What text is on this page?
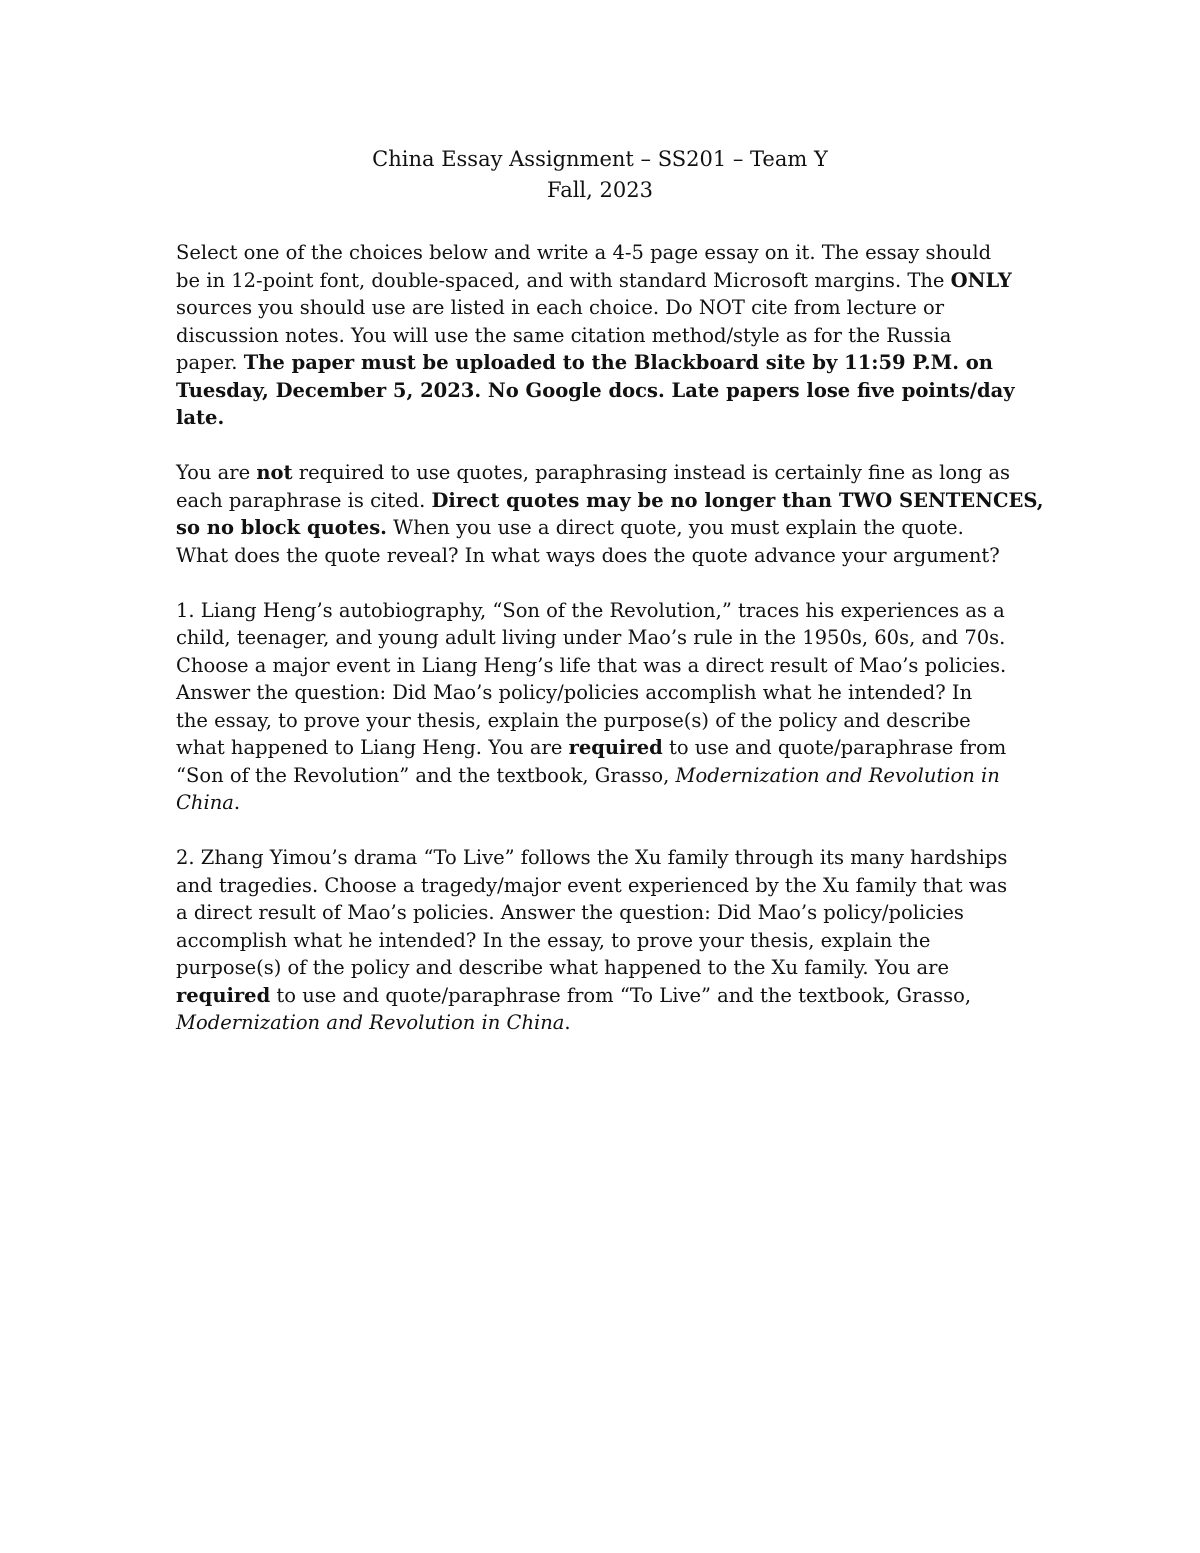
China Essay Assignment – SS201 – Team Y
Fall, 2023
Select one of the choices below and write a 4-5 page essay on it. The essay should
be in 12-point font, double-spaced, and with standard Microsoft margins. The ONLY
sources you should use are listed in each choice. Do NOT cite from lecture or
discussion notes. You will use the same citation method/style as for the Russia
paper. The paper must be uploaded to the Blackboard site by 11:59 P.M. on
Tuesday, December 5, 2023. No Google docs. Late papers lose five points/day
late.
You are not required to use quotes, paraphrasing instead is certainly fine as long as
each paraphrase is cited. Direct quotes may be no longer than TWO SENTENCES,
so no block quotes. When you use a direct quote, you must explain the quote.
What does the quote reveal? In what ways does the quote advance your argument?
1. Liang Heng’s autobiography, “Son of the Revolution,” traces his experiences as a
child, teenager, and young adult living under Mao’s rule in the 1950s, 60s, and 70s.
Choose a major event in Liang Heng’s life that was a direct result of Mao’s policies.
Answer the question: Did Mao’s policy/policies accomplish what he intended? In
the essay, to prove your thesis, explain the purpose(s) of the policy and describe
what happened to Liang Heng. You are required to use and quote/paraphrase from
“Son of the Revolution” and the textbook, Grasso, Modernization and Revolution in
China.
2. Zhang Yimou’s drama “To Live” follows the Xu family through its many hardships
and tragedies. Choose a tragedy/major event experienced by the Xu family that was
a direct result of Mao’s policies. Answer the question: Did Mao’s policy/policies
accomplish what he intended? In the essay, to prove your thesis, explain the
purpose(s) of the policy and describe what happened to the Xu family. You are
required to use and quote/paraphrase from “To Live” and the textbook, Grasso,
Modernization and Revolution in China.
